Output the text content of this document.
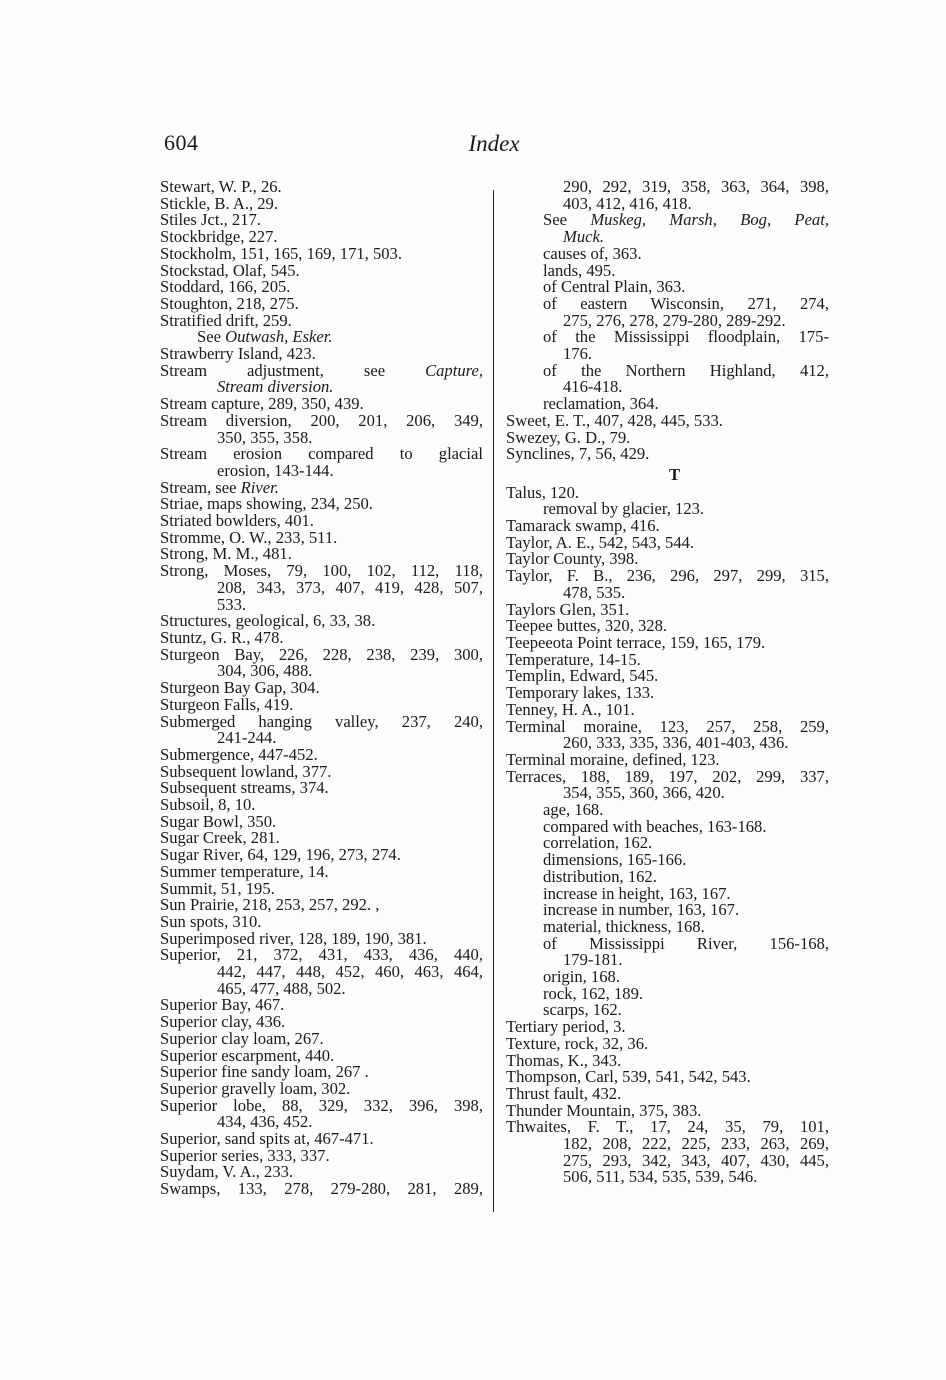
604	Index
Stewart, W. P., 26.
Stickle, B. A., 29.
Stiles Jct., 217.
Stockbridge, 227.
Stockholm, 151, 165, 169, 171, 503.
Stockstad, Olaf, 545.
Stoddard, 166, 205.
Stoughton, 218, 275.
Stratified drift, 259.
See Outwash, Esker.
Strawberry Island, 423.
Stream adjustment, see Capture,
Stream diversion.
Stream capture, 289, 350, 439.
Stream diversion, 200, 201, 206, 349,
350, 355, 358.
Stream erosion compared to glacial
erosion, 143-144.
Stream, see River.
Striae, maps showing, 234, 250.
Striated bowlders, 401.
Stromme, O. W., 233, 511.
Strong, M. M., 481.
Strong, Moses, 79, 100, 102, 112, 118,
208, 343, 373, 407, 419, 428, 507,
533.
Structures, geological, 6, 33, 38.
Stuntz, G. R., 478.
Sturgeon Bay, 226, 228, 238, 239, 300,
304, 306, 488.
Sturgeon Bay Gap, 304.
Sturgeon Falls, 419.
Submerged hanging valley, 237, 240,
241-244.
Submergence, 447-452.
Subsequent lowland, 377.
Subsequent streams, 374.
Subsoil, 8, 10.
Sugar Bowl, 350.
Sugar Creek, 281.
Sugar River, 64, 129, 196, 273, 274.
Summer temperature, 14.
Summit, 51, 195.
Sun Prairie, 218, 253, 257, 292. ,
Sun spots, 310.
Superimposed river, 128, 189, 190, 381.
Superior, 21, 372, 431, 433, 436, 440,
442, 447, 448, 452, 460, 463, 464,
465, 477, 488, 502.
Superior Bay, 467.
Superior clay, 436.
Superior clay loam, 267.
Superior escarpment, 440.
Superior fine sandy loam, 267 .
Superior gravelly loam, 302.
Superior lobe, 88, 329, 332, 396, 398,
434, 436, 452.
Superior, sand spits at, 467-471.
Superior series, 333, 337.
Suydam, V. A., 233.
Swamps, 133, 278, 279-280, 281, 289,
290, 292, 319, 358, 363, 364, 398,
403, 412, 416, 418.
See Muskeg, Marsh, Bog, Peat,
Muck.
causes of, 363.
lands, 495.
of Central Plain, 363.
of eastern Wisconsin, 271, 274,
275, 276, 278, 279-280, 289-292.
of the Mississippi floodplain, 175-
176.
of the Northern Highland, 412,
416-418.
reclamation, 364.
Sweet, E. T., 407, 428, 445, 533.
Swezey, G. D., 79.
Synclines, 7, 56, 429.
T
Talus, 120.
removal by glacier, 123.
Tamarack swamp, 416.
Taylor, A. E., 542, 543, 544.
Taylor County, 398.
Taylor, F. B., 236, 296, 297, 299, 315,
478, 535.
Taylors Glen, 351.
Teepee buttes, 320, 328.
Teepeeota Point terrace, 159, 165, 179.
Temperature, 14-15.
Templin, Edward, 545.
Temporary lakes, 133.
Tenney, H. A., 101.
Terminal moraine, 123, 257, 258, 259,
260, 333, 335, 336, 401-403, 436.
Terminal moraine, defined, 123.
Terraces, 188, 189, 197, 202, 299, 337,
354, 355, 360, 366, 420.
age, 168.
compared with beaches, 163-168.
correlation, 162.
dimensions, 165-166.
distribution, 162.
increase in height, 163, 167.
increase in number, 163, 167.
material, thickness, 168.
of Mississippi River, 156-168,
179-181.
origin, 168.
rock, 162, 189.
scarps, 162.
Tertiary period, 3.
Texture, rock, 32, 36.
Thomas, K., 343.
Thompson, Carl, 539, 541, 542, 543.
Thrust fault, 432.
Thunder Mountain, 375, 383.
Thwaites, F. T., 17, 24, 35, 79, 101,
182, 208, 222, 225, 233, 263, 269,
275, 293, 342, 343, 407, 430, 445,
506, 511, 534, 535, 539, 546.
